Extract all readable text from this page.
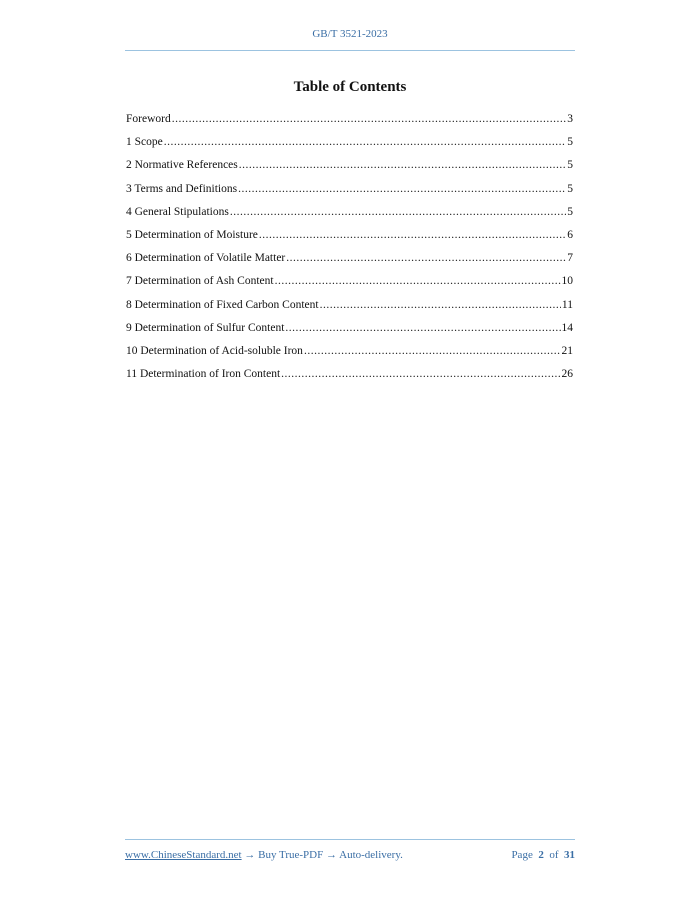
GB/T 3521-2023
Table of Contents
Foreword .....	3
1 Scope .....	5
2 Normative References .....	5
3 Terms and Definitions .....	5
4 General Stipulations .....	5
5 Determination of Moisture .....	6
6 Determination of Volatile Matter .....	7
7 Determination of Ash Content .....	10
8 Determination of Fixed Carbon Content .....	11
9 Determination of Sulfur Content .....	14
10 Determination of Acid-soluble Iron .....	21
11 Determination of Iron Content .....	26
www.ChineseStandard.net → Buy True-PDF → Auto-delivery.	Page 2 of 31
